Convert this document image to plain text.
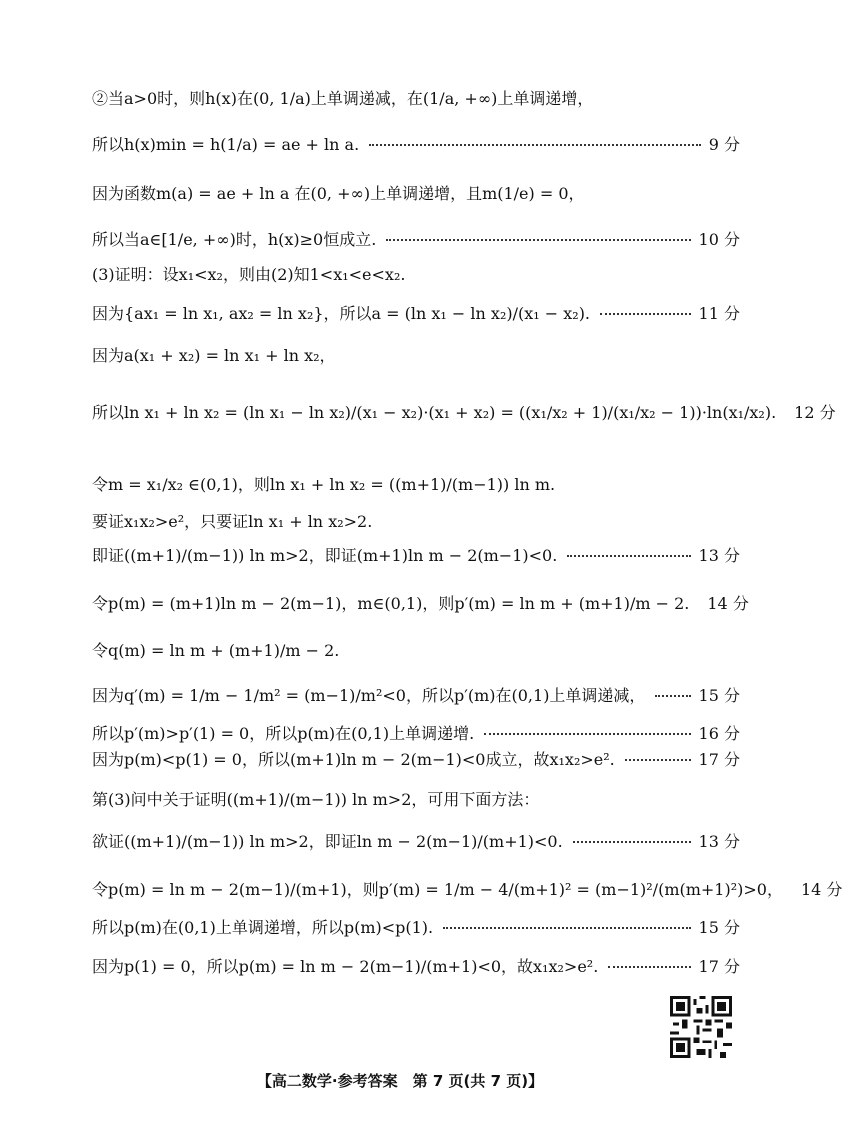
②当a>0时，则h(x)在(0, 1/a)上单调递减，在(1/a, +∞)上单调递增，
所以h(x)min = h(1/a) = ae + ln a.	9 分
因为函数m(a) = ae + ln a 在(0, +∞)上单调递增，且m(1/e) = 0，
所以当a∈[1/e, +∞)时，h(x)≥0恒成立.	10 分
(3)证明：设x₁<x₂，则由(2)知1<x₁<e<x₂.
因为{ax₁ = ln x₁, ax₂ = ln x₂}，所以a = (ln x₁ − ln x₂)/(x₁ − x₂).	11 分
因为a(x₁ + x₂) = ln x₁ + ln x₂，
所以ln x₁ + ln x₂ = (ln x₁ − ln x₂)/(x₁ − x₂)·(x₁ + x₂) = ((x₁/x₂ + 1)/(x₁/x₂ − 1))·ln(x₁/x₂). 12 分
令m = x₁/x₂ ∈(0,1)，则ln x₁ + ln x₂ = ((m+1)/(m−1)) ln m.
要证x₁x₂>e²，只要证ln x₁ + ln x₂>2.
即证((m+1)/(m−1)) ln m>2，即证(m+1)ln m − 2(m−1)<0.	13 分
令p(m) = (m+1)ln m − 2(m−1)，m∈(0,1)，则p′(m) = ln m + (m+1)/m − 2. 14 分
令q(m) = ln m + (m+1)/m − 2.
因为q′(m) = 1/m − 1/m² = (m−1)/m²<0，所以p′(m)在(0,1)上单调递减，	15 分
所以p′(m)>p′(1) = 0，所以p(m)在(0,1)上单调递增.	16 分
因为p(m)<p(1) = 0，所以(m+1)ln m − 2(m−1)<0成立，故x₁x₂>e².	17 分
第(3)问中关于证明((m+1)/(m−1)) ln m>2，可用下面方法：
欲证((m+1)/(m−1)) ln m>2，即证ln m − 2(m−1)/(m+1)<0.	13 分
令p(m) = ln m − 2(m−1)/(m+1)，则p′(m) = 1/m − 4/(m+1)² = (m−1)²/(m(m+1)²)>0， 14 分
所以p(m)在(0,1)上单调递增，所以p(m)<p(1).	15 分
因为p(1) = 0，所以p(m) = ln m − 2(m−1)/(m+1)<0，故x₁x₂>e².	17 分
【高二数学·参考答案　第 7 页(共 7 页)】
